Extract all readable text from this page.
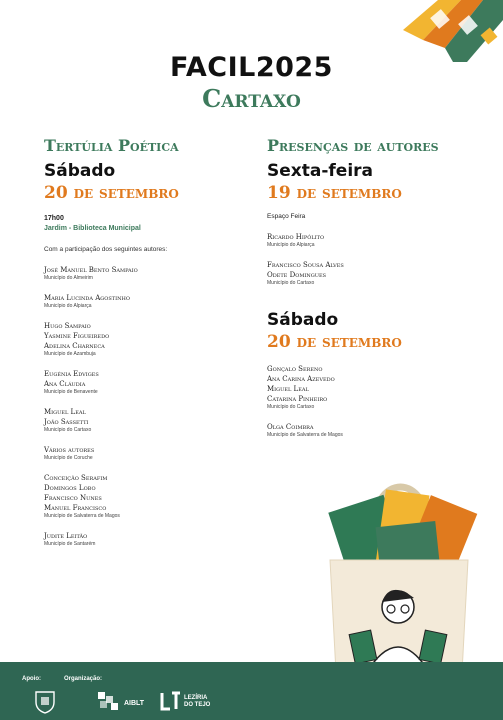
FACIL2025
Cartaxo
Tertúlia Poética
Sábado
20 de setembro
17h00
Jardim - Biblioteca Municipal
Com a participação dos seguintes autores:
José Manuel Bento Sampaio
Município do Almeirim
Maria Lucinda Agostinho
Município do Alpiarça
Hugo Sampaio
Yasmine Figueiredo
Adelina Charneca
Município de Azambuja
Eugénia Edviges
Ana Cláudia
Município de Benavente
Miguel Leal
João Sassetti
Município do Cartaxo
Vários autores
Município de Coruche
Conceição Serafim
Domingos Lobo
Francisco Nunes
Manuel Francisco
Município de Salvaterra de Magos
Judite Leitão
Município de Santarém
Presenças de autores
Sexta-feira
19 de setembro
Espaço Feira
Ricardo Hipólito
Município do Alpiarça
Francisco Sousa Alves
Odete Domingues
Município do Cartaxo
Sábado
20 de setembro
Gonçalo Sereno
Ana Carina Azevedo
Miguel Leal
Catarina Pinheiro
Município do Cartaxo
Olga Coimbra
Município de Salvaterra de Magos
Apoio:	Organização:
AIBLT
LEZÍRIA
DO TEJO
